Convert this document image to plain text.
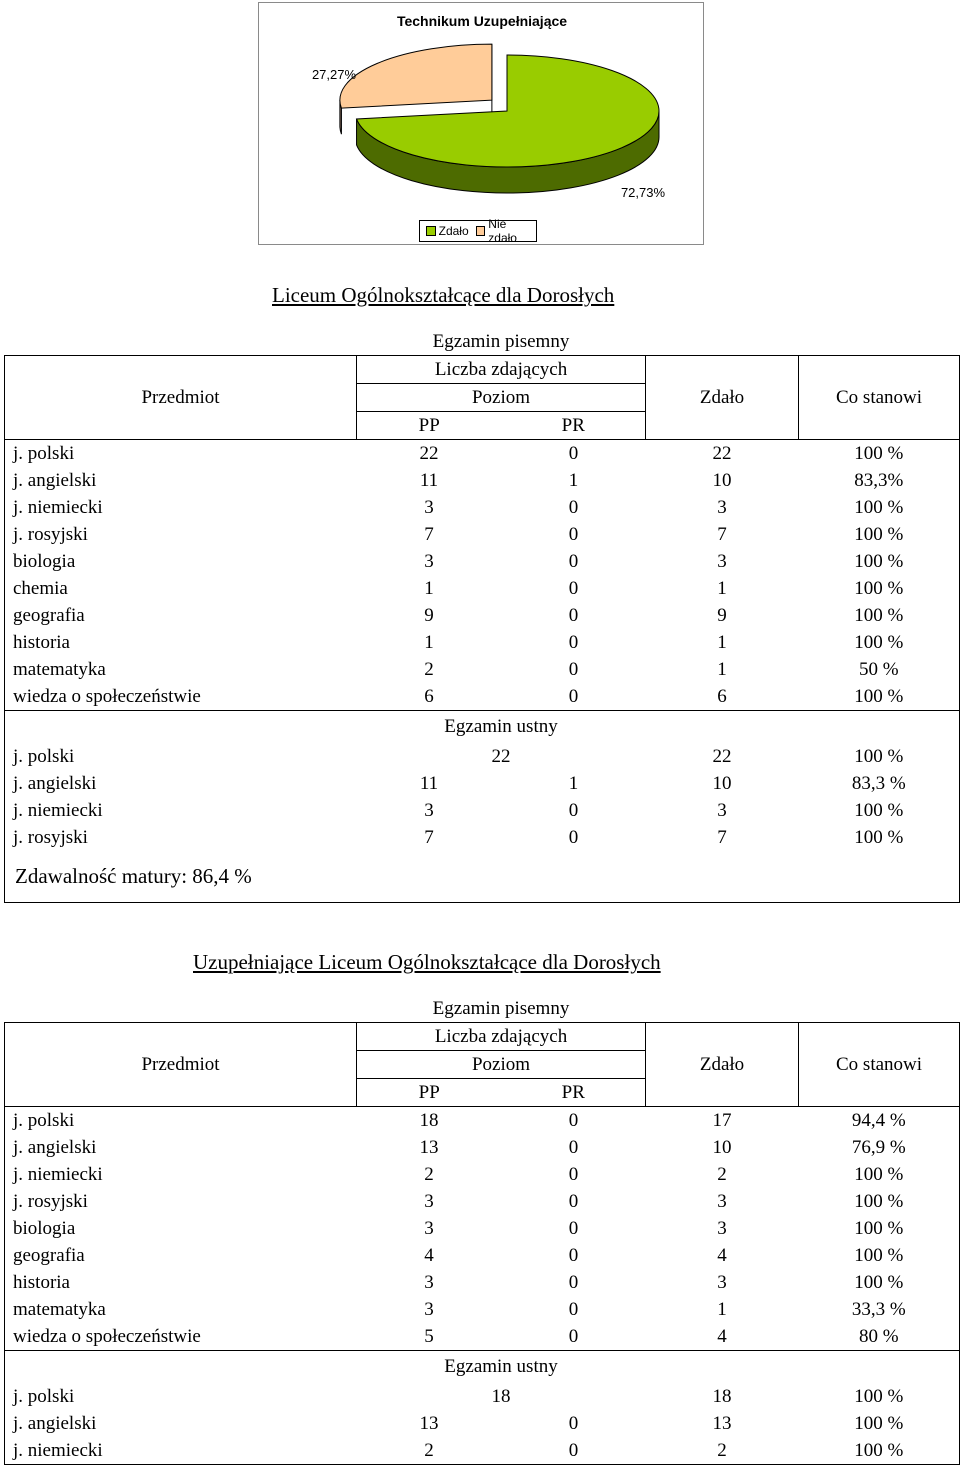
Technikum Uzupełniające
27,27%
72,73%
Zdało Nie zdało
Liceum Ogólnokształcące dla Dorosłych
	Egzamin pisemny			
Przedmiot	Liczba zdających		Zdało	Co stanowi
	Poziom			
	PP	PR		
j. polski	22	0	22	100 %
j. angielski	11	1	10	83,3%
j. niemiecki	3	0	3	100 %
j. rosyjski	7	0	7	100 %
biologia	3	0	3	100 %
chemia	1	0	1	100 %
geografia	9	0	9	100 %
historia	1	0	1	100 %
matematyka	2	0	1	50 %
wiedza o społeczeństwie	6	0	6	100 %
	Egzamin ustny			
j. polski	22		22	100 %
j. angielski	11	1	10	83,3 %
j. niemiecki	3	0	3	100 %
j. rosyjski	7	0	7	100 %
Zdawalność matury: 86,4 %				
Uzupełniające Liceum Ogólnokształcące dla Dorosłych
	Egzamin pisemny			
Przedmiot	Liczba zdających		Zdało	Co stanowi
	Poziom			
	PP	PR		
j. polski	18	0	17	94,4 %
j. angielski	13	0	10	76,9 %
j. niemiecki	2	0	2	100 %
j. rosyjski	3	0	3	100 %
biologia	3	0	3	100 %
geografia	4	0	4	100 %
historia	3	0	3	100 %
matematyka	3	0	1	33,3 %
wiedza o społeczeństwie	5	0	4	80 %
	Egzamin ustny			
j. polski	18		18	100 %
j. angielski	13	0	13	100 %
j. niemiecki	2	0	2	100 %
